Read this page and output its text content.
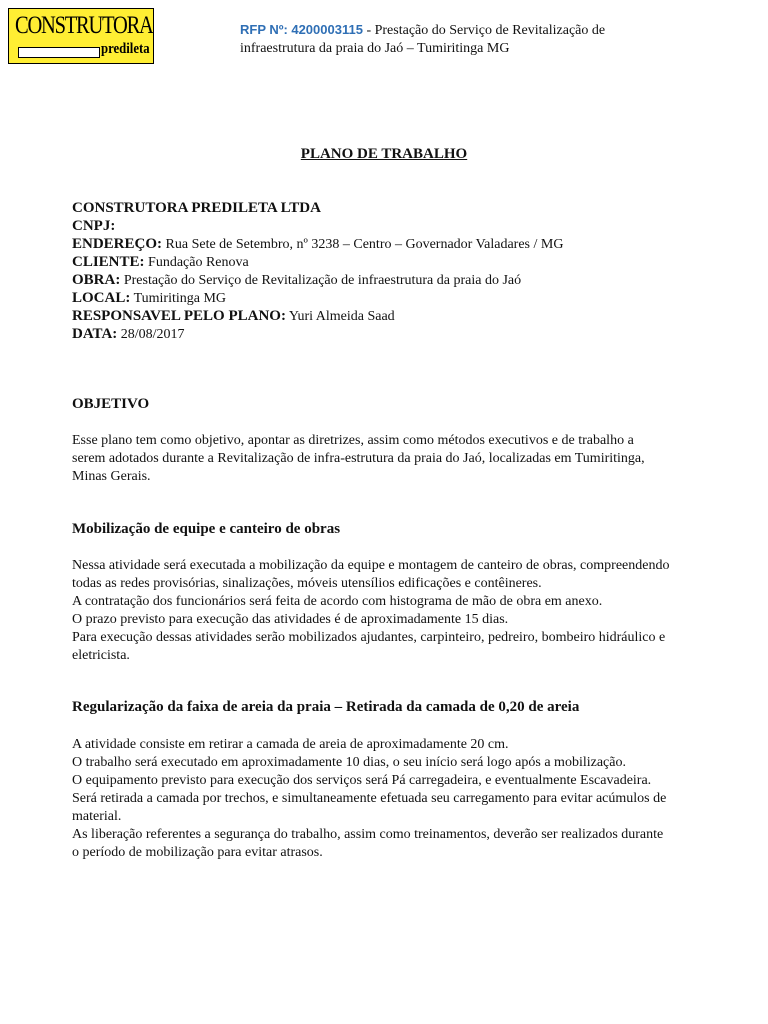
CONSTRUTORA
predileta
RFP Nº: 4200003115 - Prestação do Serviço de Revitalização de
infraestrutura da praia do Jaó – Tumiritinga MG
PLANO DE TRABALHO
CONSTRUTORA PREDILETA LTDA
CNPJ:
ENDEREÇO: Rua Sete de Setembro, nº 3238 – Centro – Governador Valadares / MG
CLIENTE: Fundação Renova
OBRA: Prestação do Serviço de Revitalização de infraestrutura da praia do Jaó
LOCAL: Tumiritinga MG
RESPONSAVEL PELO PLANO: Yuri Almeida Saad
DATA: 28/08/2017
OBJETIVO
Esse plano tem como objetivo, apontar as diretrizes, assim como métodos executivos e de trabalho a
serem adotados durante a Revitalização de infra-estrutura da praia do Jaó, localizadas em Tumiritinga,
Minas Gerais.
Mobilização de equipe e canteiro de obras
Nessa atividade será executada a mobilização da equipe e montagem de canteiro de obras, compreendendo
todas as redes provisórias, sinalizações, móveis utensílios edificações e contêineres.
A contratação dos funcionários será feita de acordo com histograma de mão de obra em anexo.
O prazo previsto para execução das atividades é de aproximadamente 15 dias.
Para execução dessas atividades serão mobilizados ajudantes, carpinteiro, pedreiro, bombeiro hidráulico e
eletricista.
Regularização da faixa de areia da praia – Retirada da camada de 0,20 de areia
A atividade consiste em retirar a camada de areia de aproximadamente 20 cm.
O trabalho será executado em aproximadamente 10 dias, o seu início será logo após a mobilização.
O equipamento previsto para execução dos serviços será Pá carregadeira, e eventualmente Escavadeira.
Será retirada a camada por trechos, e simultaneamente efetuada seu carregamento para evitar acúmulos de
material.
As liberação referentes a segurança do trabalho, assim como treinamentos, deverão ser realizados durante
o período de mobilização para evitar atrasos.
